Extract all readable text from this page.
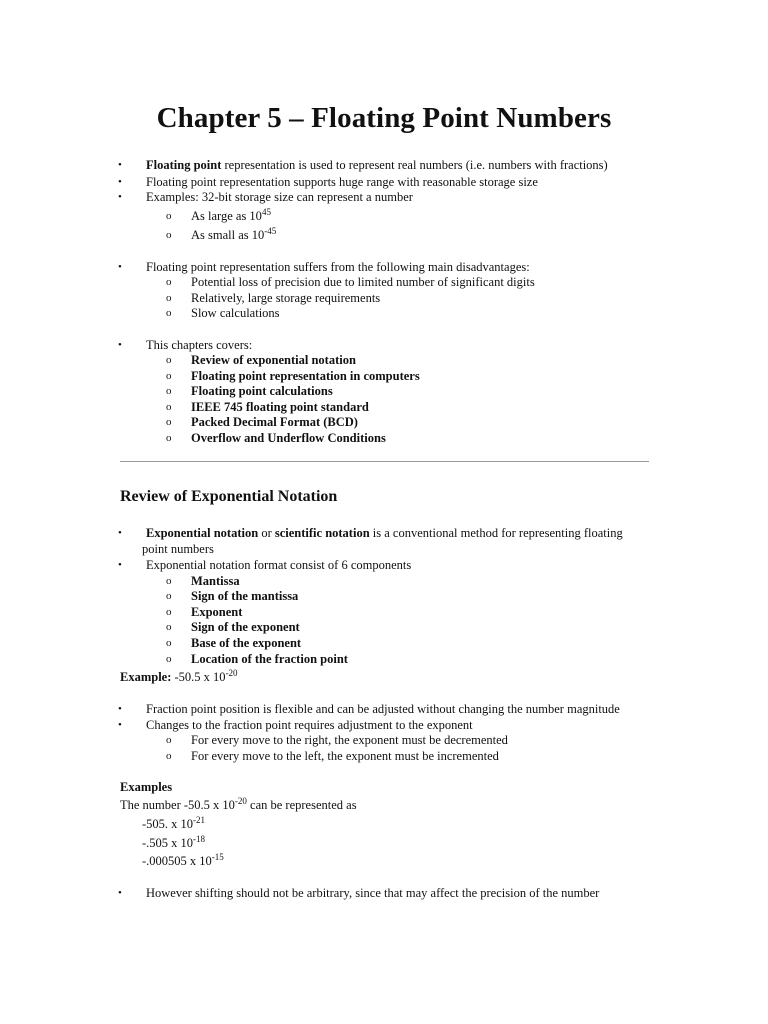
Chapter 5 – Floating Point Numbers
• Floating point representation is used to represent real numbers (i.e. numbers with fractions)
• Floating point representation supports huge range with reasonable storage size
• Examples: 32-bit storage size can represent a number
o As large as $10^{45}$
o As small as $10^{-45}$
• Floating point representation suffers from the following main disadvantages:
o Potential loss of precision due to limited number of significant digits
o Relatively, large storage requirements
o Slow calculations
• This chapters covers:
o Review of exponential notation
o Floating point representation in computers
o Floating point calculations
o IEEE 745 floating point standard
o Packed Decimal Format (BCD)
o Overflow and Underflow Conditions
Review of Exponential Notation
• Exponential notation or scientific notation is a conventional method for representing floating
point numbers
• Exponential notation format consist of 6 components
o Mantissa
o Sign of the mantissa
o Exponent
o Sign of the exponent
o Base of the exponent
o Location of the fraction point
Example: -50.5 x $10^{-20}$
• Fraction point position is flexible and can be adjusted without changing the number magnitude
• Changes to the fraction point requires adjustment to the exponent
o For every move to the right, the exponent must be decremented
o For every move to the left, the exponent must be incremented
Examples
The number -50.5 x $10^{-20}$ can be represented as
-505. x $10^{-21}$
-.505 x $10^{-18}$
-.000505 x $10^{-15}$
• However shifting should not be arbitrary, since that may affect the precision of the number
